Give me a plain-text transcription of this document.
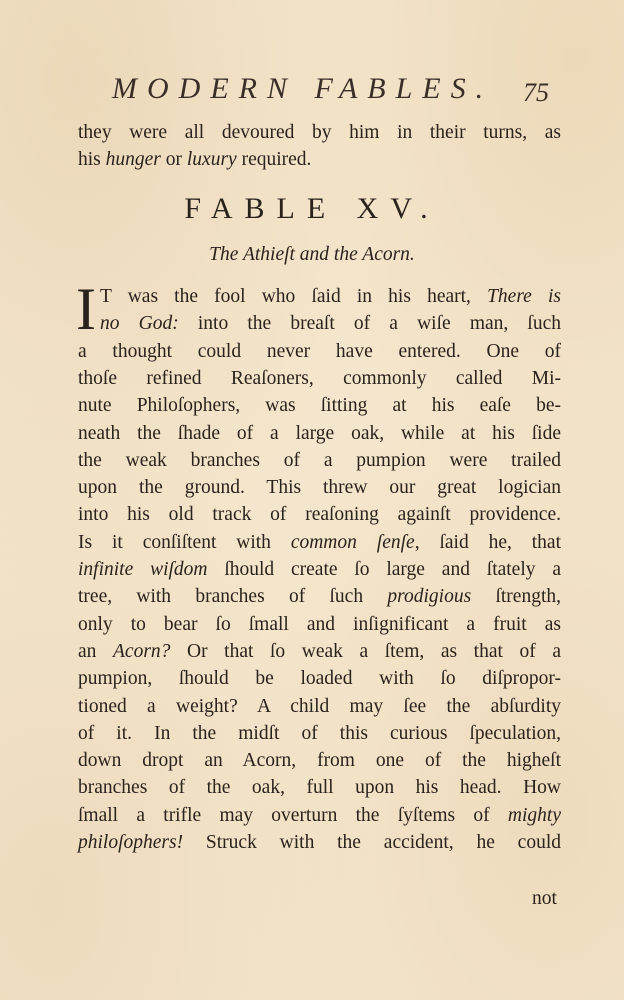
MODERN FABLES. 75
they were all devoured by him in their turns, as
his hunger or luxury required.
FABLE XV.
The Athieſt and the Acorn.
I T was the fool who ſaid in his heart, There is
no God: into the breaſt of a wiſe man, ſuch
a thought could never have entered. One of
thoſe refined Reaſoners, commonly called Mi-
nute Philoſophers, was ſitting at his eaſe be-
neath the ſhade of a large oak, while at his ſide
the weak branches of a pumpion were trailed
upon the ground. This threw our great logician
into his old track of reaſoning againſt providence.
Is it conſiſtent with common ſenſe, ſaid he, that
infinite wiſdom ſhould create ſo large and ſtately a
tree, with branches of ſuch prodigious ſtrength,
only to bear ſo ſmall and inſignificant a fruit as
an Acorn? Or that ſo weak a ſtem, as that of a
pumpion, ſhould be loaded with ſo diſpropor-
tioned a weight? A child may ſee the abſurdity
of it. In the midſt of this curious ſpeculation,
down dropt an Acorn, from one of the higheſt
branches of the oak, full upon his head. How
ſmall a trifle may overturn the ſyſtems of mighty
philoſophers! Struck with the accident, he could
not
